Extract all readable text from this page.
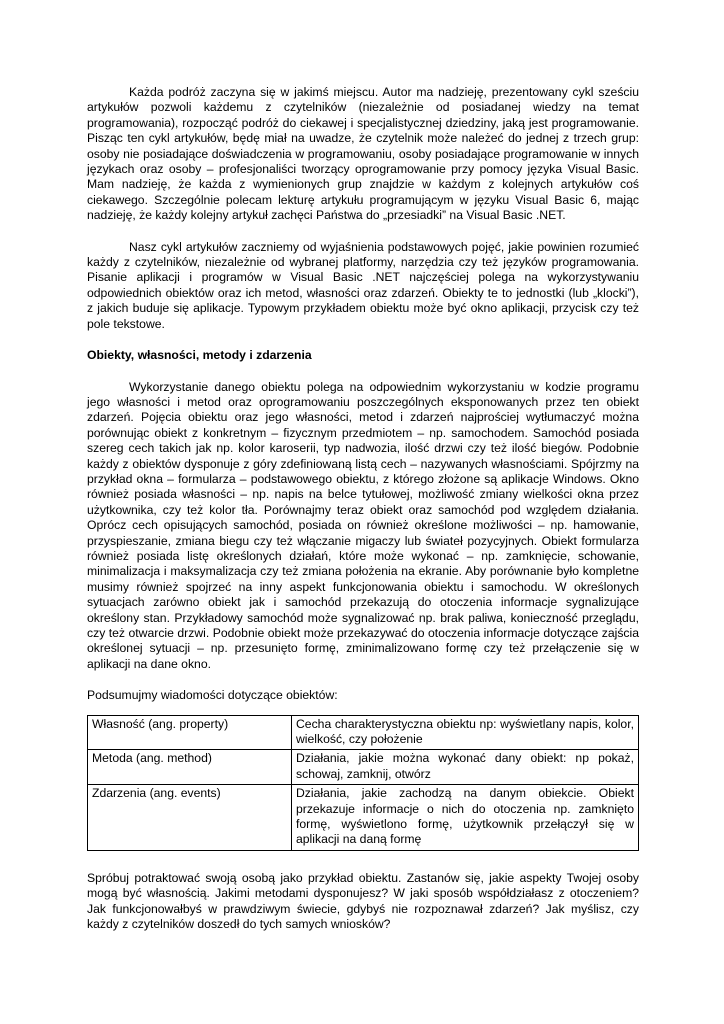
Każda podróż zaczyna się w jakimś miejscu. Autor ma nadzieję, prezentowany cykl sześciu artykułów pozwoli każdemu z czytelników (niezależnie od posiadanej wiedzy na temat programowania), rozpocząć podróż do ciekawej i specjalistycznej dziedziny, jaką jest programowanie. Pisząc ten cykl artykułów, będę miał na uwadze, że czytelnik może należeć do jednej z trzech grup: osoby nie posiadające doświadczenia w programowaniu, osoby posiadające programowanie w innych językach oraz osoby – profesjonaliści tworzący oprogramowanie przy pomocy języka Visual Basic. Mam nadzieję, że każda z wymienionych grup znajdzie w każdym z kolejnych artykułów coś ciekawego. Szczególnie polecam lekturę artykułu programującym w języku Visual Basic 6, mając nadzieję, że każdy kolejny artykuł zachęci Państwa do „przesiadki” na Visual Basic .NET.

Nasz cykl artykułów zaczniemy od wyjaśnienia podstawowych pojęć, jakie powinien rozumieć każdy z czytelników, niezależnie od wybranej platformy, narzędzia czy też języków programowania. Pisanie aplikacji i programów w Visual Basic .NET najczęściej polega na wykorzystywaniu odpowiednich obiektów oraz ich metod, własności oraz zdarzeń. Obiekty te to jednostki (lub „klocki”), z jakich buduje się aplikacje. Typowym przykładem obiektu może być okno aplikacji, przycisk czy też pole tekstowe.

Obiekty, własności, metody i zdarzenia

Wykorzystanie danego obiektu polega na odpowiednim wykorzystaniu w kodzie programu jego własności i metod oraz oprogramowaniu poszczególnych eksponowanych przez ten obiekt zdarzeń. Pojęcia obiektu oraz jego własności, metod i zdarzeń najprościej wytłumaczyć można porównując obiekt z konkretnym – fizycznym przedmiotem – np. samochodem. Samochód posiada szereg cech takich jak np. kolor karoserii, typ nadwozia, ilość drzwi czy też ilość biegów. Podobnie każdy z obiektów dysponuje z góry zdefiniowaną listą cech – nazywanych własnościami. Spójrzmy na przykład okna – formularza – podstawowego obiektu, z którego złożone są aplikacje Windows. Okno również posiada własności – np. napis na belce tytułowej, możliwość zmiany wielkości okna przez użytkownika, czy też kolor tła. Porównajmy teraz obiekt oraz samochód pod względem działania. Oprócz cech opisujących samochód, posiada on również określone możliwości – np. hamowanie, przyspieszanie, zmiana biegu czy też włączanie migaczy lub świateł pozycyjnych. Obiekt formularza również posiada listę określonych działań, które może wykonać – np. zamknięcie, schowanie, minimalizacja i maksymalizacja czy też zmiana położenia na ekranie. Aby porównanie było kompletne musimy również spojrzeć na inny aspekt funkcjonowania obiektu i samochodu. W określonych sytuacjach zarówno obiekt jak i samochód przekazują do otoczenia informacje sygnalizujące określony stan. Przykładowy samochód może sygnalizować np. brak paliwa, konieczność przeglądu, czy też otwarcie drzwi. Podobnie obiekt może przekazywać do otoczenia informacje dotyczące zajścia określonej sytuacji – np. przesunięto formę, zminimalizowano formę czy też przełączenie się w aplikacji na dane okno.

Podsumujmy wiadomości dotyczące obiektów:

Własność (ang. property)	Cecha charakterystyczna obiektu np: wyświetlany napis, kolor, wielkość, czy położenie
Metoda (ang. method)	Działania, jakie można wykonać dany obiekt: np pokaż, schowaj, zamknij, otwórz
Zdarzenia (ang. events)	Działania, jakie zachodzą na danym obiekcie. Obiekt przekazuje informacje o nich do otoczenia np. zamknięto formę, wyświetlono formę, użytkownik przełączył się w aplikacji na daną formę

Spróbuj potraktować swoją osobą jako przykład obiektu. Zastanów się, jakie aspekty Twojej osoby mogą być własnością. Jakimi metodami dysponujesz? W jaki sposób współdziałasz z otoczeniem? Jak funkcjonowałbyś w prawdziwym świecie, gdybyś nie rozpoznawał zdarzeń? Jak myślisz, czy każdy z czytelników doszedł do tych samych wniosków?
